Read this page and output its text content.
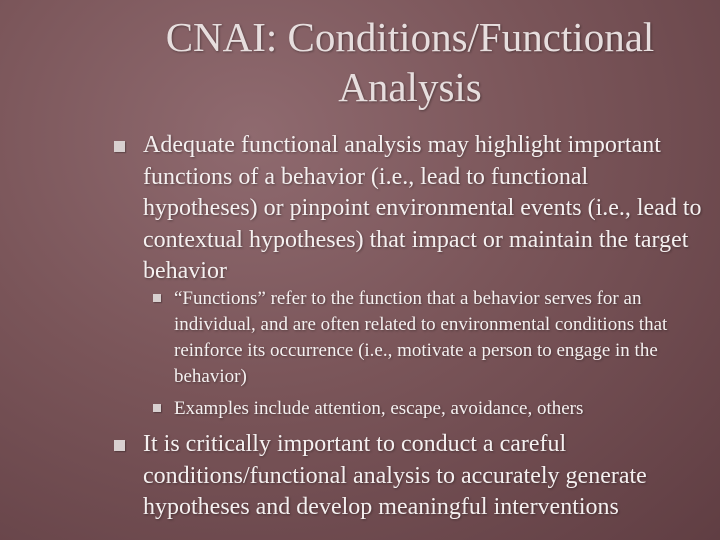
CNAI: Conditions/Functional Analysis
Adequate functional analysis may highlight important functions of a behavior (i.e., lead to functional hypotheses) or pinpoint environmental events (i.e., lead to contextual hypotheses) that impact or maintain the target behavior
“Functions” refer to the function that a behavior serves for an individual, and are often related to environmental conditions that reinforce its occurrence (i.e., motivate a person to engage in the behavior)
Examples include attention, escape, avoidance, others
It is critically important to conduct a careful conditions/functional analysis to accurately generate hypotheses and develop meaningful interventions
